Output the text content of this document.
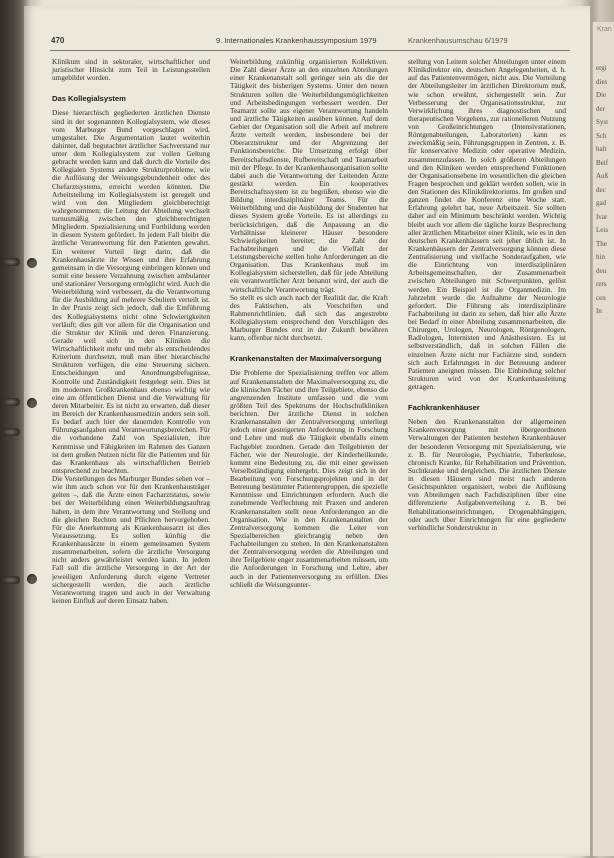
470	9. Internationales Krankenhaussymposium 1979	Krankenhausumschau 6/1979

Klinikum sind in sektoraler, wirtschaftlicher und juristischer Hinsicht zum Teil in Leistungsstellen umgebildet worden.

Das Kollegialsystem

Diese hierarchisch gegliederten ärztlichen Dienste sind in der sogenannten Kollegialsystem, wie dieses vom Marburger Bund vorgeschlagen wird, umgestaltet. Die Argumentation lautet weiterhin dahinter, daß begutachtet ärztlicher Sachverstand nur unter dem Kollegialsystem zur vollen Geltung gebracht werden kann und daß durch die Vorteile des Kollegialen Systems andere Strukturprobleme, wie die Auflösung der Weisungsgebundenheit oder des Chefarztsystems, erreicht werden könnten. Die Arbeitsteilung im Kollegialsystem ist geregelt und wird von den Mitgliedern gleichberechtigt wahrgenommen; die Leitung der Abteilung wechselt turnusmäßig zwischen den gleichberechtigten Mitgliedern. Spezialisierung und Fortbildung werden in diesem System gefördert. In jedem Fall bleibt die ärztliche Verantwortung für den Patienten gewahrt. Ein weiterer Vorteil liegt darin, daß die Krankenhausärzte ihr Wissen und ihre Erfahrung gemeinsam in die Versorgung einbringen können und somit eine bessere Verzahnung zwischen ambulanter und stationärer Versorgung ermöglicht wird. Auch die Weiterbildung wird verbessert, da die Verantwortung für die Ausbildung auf mehrere Schultern verteilt ist. In der Praxis zeigt sich jedoch, daß die Einführung des Kollegialsystems nicht ohne Schwierigkeiten verläuft; dies gilt vor allem für die Organisation und die Struktur der Klinik und deren Finanzierung. Gerade weil sich in den Kliniken die Wirtschaftlichkeit mehr und mehr als entscheidendes Kriterium durchsetzt, muß man über hierarchische Strukturen verfügen, die eine Steuerung sichern. Entscheidungen und Anordnungsbefugnisse, Kontrolle und Zuständigkeit festgelegt sein. Dies ist im modernen Großkrankenhaus ebenso wichtig wie eine am öffentlichen Dienst und die Verwaltung für deren Mitarbeiter. Es ist nicht zu erwarten, daß dieser im Bereich der Krankenhausmedizin anders sein soll. Es bedarf auch hier der dauernden Kontrolle von Führungsaufgaben und Verantwortungsbereichen. Für die vorhandene Zahl von Spezialisten, ihre Kenntnisse und Fähigkeiten im Rahmen des Ganzen ist dem großen Nutzen nicht für die Patienten und für das Krankenhaus als wirtschaftlichen Betrieb entsprechend zu beachten.

Die Vorstellungen des Marburger Bundes sehen vor – wie ihm auch schon vor für den Krankenhausträger gelten –, daß die Ärzte einen Facharztstatus, sowie bei der Weiterbildung einen Weiterbildungsauftrag haben, in dem ihre Verantwortung und Stellung und die gleichen Rechten und Pflichten hervorgehoben. Für die Anerkennung als Krankenhausarzt ist dies Voraussetzung. Es sollen künftig die Krankenhausärzte in einem gemeinsamen System zusammenarbeiten, sofern die ärztliche Versorgung nicht anders gewährleistet werden kann. In jedem Fall soll die ärztliche Versorgung in der Art der jeweiligen Anforderung durch eigene Vertreter sichergestellt werden, die auch ärztliche Verantwortung tragen und auch in der Verwaltung keinen Einfluß auf deren Einsatz haben.

Weiterbildung zukünftig organisierten Kollektiven. Die Zahl dieser Ärzte an den einzelnen Abteilungen einer Krankenanstalt soll geringer sein als die der Tätigkeit des bisherigen Systems. Unter den neuen Strukturen sollen die Weiterbildungsmöglichkeiten und Arbeitsbedingungen verbessert werden. Der Teamarzt sollte aus eigener Verantwortung handeln und ärztliche Tätigkeiten ausüben können. Auf dem Gebiet der Organisation soll die Arbeit auf mehrere Ärzte verteilt werden, insbesondere bei der Oberarztstruktur und der Abgrenzung der Funktionsbereiche. Die Umsetzung erfolgt über Bereitschaftsdienste, Rufbereitschaft und Teamarbeit mit der Pflege. In der Krankenhausorganisation sollte dabei auch die Verantwortung der Leitenden Ärzte gestärkt werden. Ein kooperatives Bereitschaftssystem ist zu begrüßen, ebenso wie die Bildung interdisziplinärer Teams. Für die Weiterbildung und die Ausbildung der Studenten hat dieses System große Vorteile. Es ist allerdings zu berücksichtigen, daß die Anpassung an die Verhältnisse kleinerer Häuser besondere Schwierigkeiten bereitet; die Zahl der Fachabteilungen und die Vielfalt der Leistungsbereiche stellen hohe Anforderungen an die Organisation. Das Krankenhaus muß im Kollegialsystem sicherstellen, daß für jede Abteilung ein verantwortlicher Arzt benannt wird, der auch die wirtschaftliche Verantwortung trägt.

So stellt es sich auch nach der Realität dar, die Kraft des Faktischen, als Vorschriften und Rahmenrichtlinien, daß sich das angestrebte Kollegialsystem entsprechend den Vorschlägen des Marburger Bundes erst in der Zukunft bewähren kann, offenbar nicht durchsetzt.

Krankenanstalten der Maximalversorgung

Die Probleme der Spezialisierung treffen vor allem auf Krankenanstalten der Maximalversorgung zu, die die klinischen Fächer und ihre Teilgebiete, ebenso die angrenzenden Institute umfassen und die vom größten Teil des Spektrums der Hochschulkliniken berichten. Der ärztliche Dienst in solchen Krankenanstalten der Zentralversorgung unterliegt jedoch einer gesteigerten Anforderung in Forschung und Lehre und muß die Tätigkeit ebenfalls einem Fachgebiet zuordnen. Gerade den Teilgebieten der Fächer, wie der Neurologie, der Kinderheilkunde, kommt eine Bedeutung zu, die mit einer gewissen Verselbständigung einhergeht. Dies zeigt sich in der Bearbeitung von Forschungsprojekten und in der Betreuung bestimmter Patientengruppen, die spezielle Kenntnisse und Einrichtungen erfordern. Auch die zunehmende Verflechtung mit Praxen und anderen Krankenanstalten stellt neue Anforderungen an die Organisation. Wie in den Krankenanstalten der Zentralversorgung kommen die Leiter von Spezialbereichen gleichrangig neben den Fachabteilungen zu stehen. In den Krankenanstalten der Zentralversorgung werden die Abteilungen und ihre Teilgebiete enger zusammenarbeiten müssen, um die Anforderungen in Forschung und Lehre, aber auch in der Patientenversorgung zu erfüllen. Dies schließt die Weisungsunter-

stellung von Leitern solcher Abteilungen unter einem Klinikdirektor ein, deutschen Angelegenheiten, d. h. auf das Patientenvermögen, nicht aus. Die Vorteilung der Abteilungsleiter im ärztlichen Direktorium muß, wie schon erwähnt, sichergestellt sein. Zur Verbesserung der Organisationsstruktur, zur Verwirklichung ihres diagnostischen und therapeutischen Vorgehens, zur rationelleren Nutzung von Großeinrichtungen (Intensivstationen, Röntgenabteilungen, Laboratorien) kann es zweckmäßig sein, Führungsgruppen in Zentren, z. B. für konservative Medizin oder operative Medizin, zusammenzufassen. In solch größeren Abteilungen und den Kliniken werden entsprechend Funktionen der Organisationsebene im wesentlichen die gleichen Fragen besprochen und geklärt werden sollen, wie in den Stationen des Klinikdirektoriums. Im großen und ganzen findet die Konferenz eine Woche statt. Erfahrung gelehrt hat, neue Arbeitszeit. Sie sollten daher auf ein Minimum beschränkt werden. Wichtig bleibt auch vor allem die tägliche kurze Besprechung aller ärztlichen Mitarbeiter einer Klinik, wie es in den deutschen Krankenhäusern seit jeher üblich ist. In Krankenhäusern der Zentralversorgung können diese Zentralisierung und vielfache Sonderaufgaben, wie die Einrichtung von interdisziplinären Arbeitsgemeinschaften, der Zusammenarbeit zwischen Abteilungen mit Schwerpunkten, gelöst werden. Ein Beispiel ist die Organmedizin. Im Jahrzehnt wurde die Aufnahme der Neurologie gefordert. Die Führung als interdisziplinäre Fachabteilung ist darin zu sehen, daß hier alle Ärzte bei Bedarf in einer Abteilung zusammenarbeiten, die Chirurgen, Urologen, Neurologen, Röntgenologen, Radiologen, Internisten und Anästhesisten. Es ist selbstverständlich, daß in solchen Fällen die einzelnen Ärzte nicht nur Fachärzte sind, sondern sich auch Erfahrungen in der Betreuung anderer Patienten aneignen müssen. Die Einbindung solcher Strukturen wird von der Krankenhausleitung getragen.

Fachkrankenhäuser

Neben den Krankenanstalten der allgemeinen Krankenversorgung mit übergeordneten Verwaltungen der Patienten bestehen Krankenhäuser der besonderen Versorgung mit Spezialisierung, wie z. B. für Neurologie, Psychiatrie, Tuberkulose, chronisch Kranke, für Rehabilitation und Prävention, Suchtkranke und dergleichen. Die ärztlichen Dienste in diesen Häusern sind meist nach anderen Gesichtspunkten organisiert, wobei die Auflösung von Abteilungen nach Fachdisziplinen über eine differenzierte Aufgabenverteilung z. B. bei Rehabilitationseinrichtungen, Drogenabhängigen, oder auch über Einrichtungen für eine gegliederte verbindliche Sonderstruktur in

Kran
ergi
dies
Die
der
Syst
Sch
halt
Beif
Auß
dec
gad
Ivar
Leis
The
hin
deu
rers
cen
In
